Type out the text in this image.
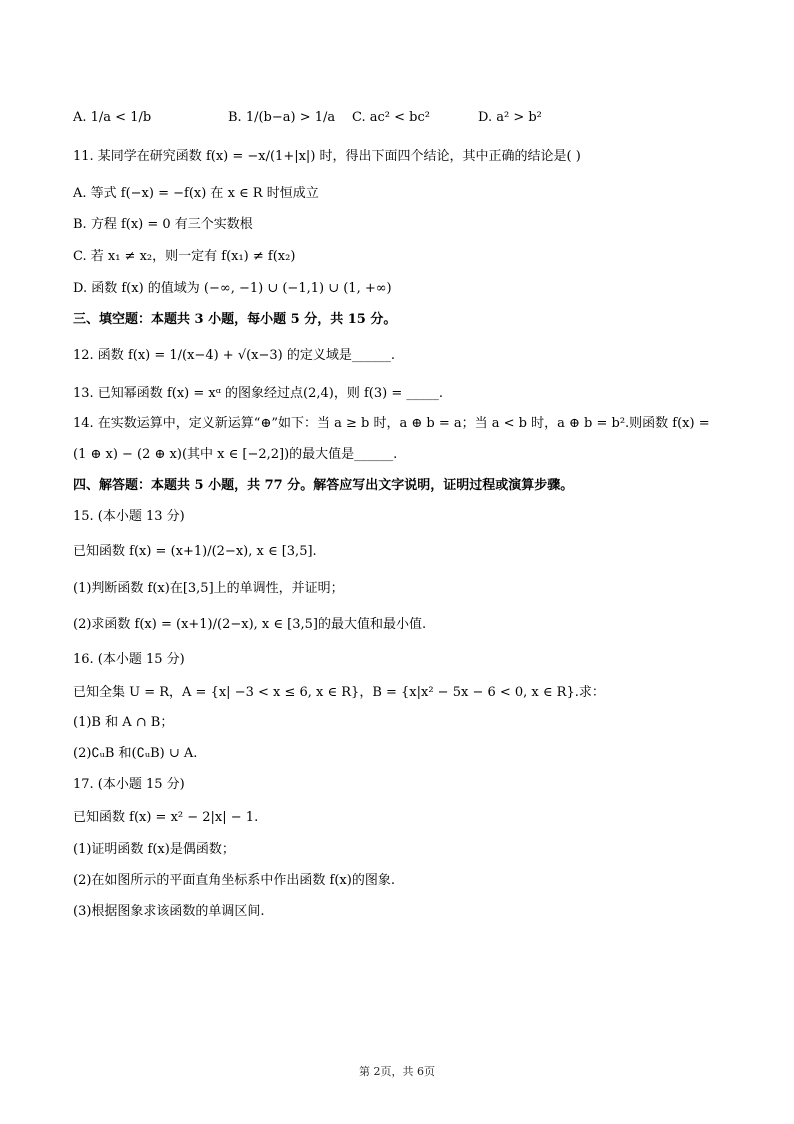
A. 1/a < 1/b	B. 1/(b−a) > 1/a C. ac² < bc²	D. a² > b²
11. 某同学在研究函数 f(x) = −x/(1+|x|) 时，得出下面四个结论，其中正确的结论是( )
A. 等式 f(−x) = −f(x) 在 x ∈ R 时恒成立
B. 方程 f(x) = 0 有三个实数根
C. 若 x₁ ≠ x₂，则一定有 f(x₁) ≠ f(x₂)
D. 函数 f(x) 的值域为 (−∞, −1) ∪ (−1,1) ∪ (1, +∞)
三、填空题：本题共 3 小题，每小题 5 分，共 15 分。
12. 函数 f(x) = 1/(x−4) + √(x−3) 的定义域是______.
13. 已知幂函数 f(x) = xᵅ 的图象经过点(2,4)，则 f(3) = _____.
14. 在实数运算中，定义新运算“⊕”如下：当 a ≥ b 时，a ⊕ b = a；当 a < b 时，a ⊕ b = b².则函数 f(x) =
(1 ⊕ x) − (2 ⊕ x)(其中 x ∈ [−2,2])的最大值是______.
四、解答题：本题共 5 小题，共 77 分。解答应写出文字说明，证明过程或演算步骤。
15. (本小题 13 分)
已知函数 f(x) = (x+1)/(2−x), x ∈ [3,5].
(1)判断函数 f(x)在[3,5]上的单调性，并证明；
(2)求函数 f(x) = (x+1)/(2−x), x ∈ [3,5]的最大值和最小值.
16. (本小题 15 分)
已知全集 U = R，A = {x| −3 < x ≤ 6, x ∈ R}，B = {x|x² − 5x − 6 < 0, x ∈ R}.求：
(1)B 和 A ∩ B；
(2)∁ᵤB 和(∁ᵤB) ∪ A.
17. (本小题 15 分)
已知函数 f(x) = x² − 2|x| − 1.
(1)证明函数 f(x)是偶函数；
(2)在如图所示的平面直角坐标系中作出函数 f(x)的图象.
(3)根据图象求该函数的单调区间.
第 2页，共 6页
